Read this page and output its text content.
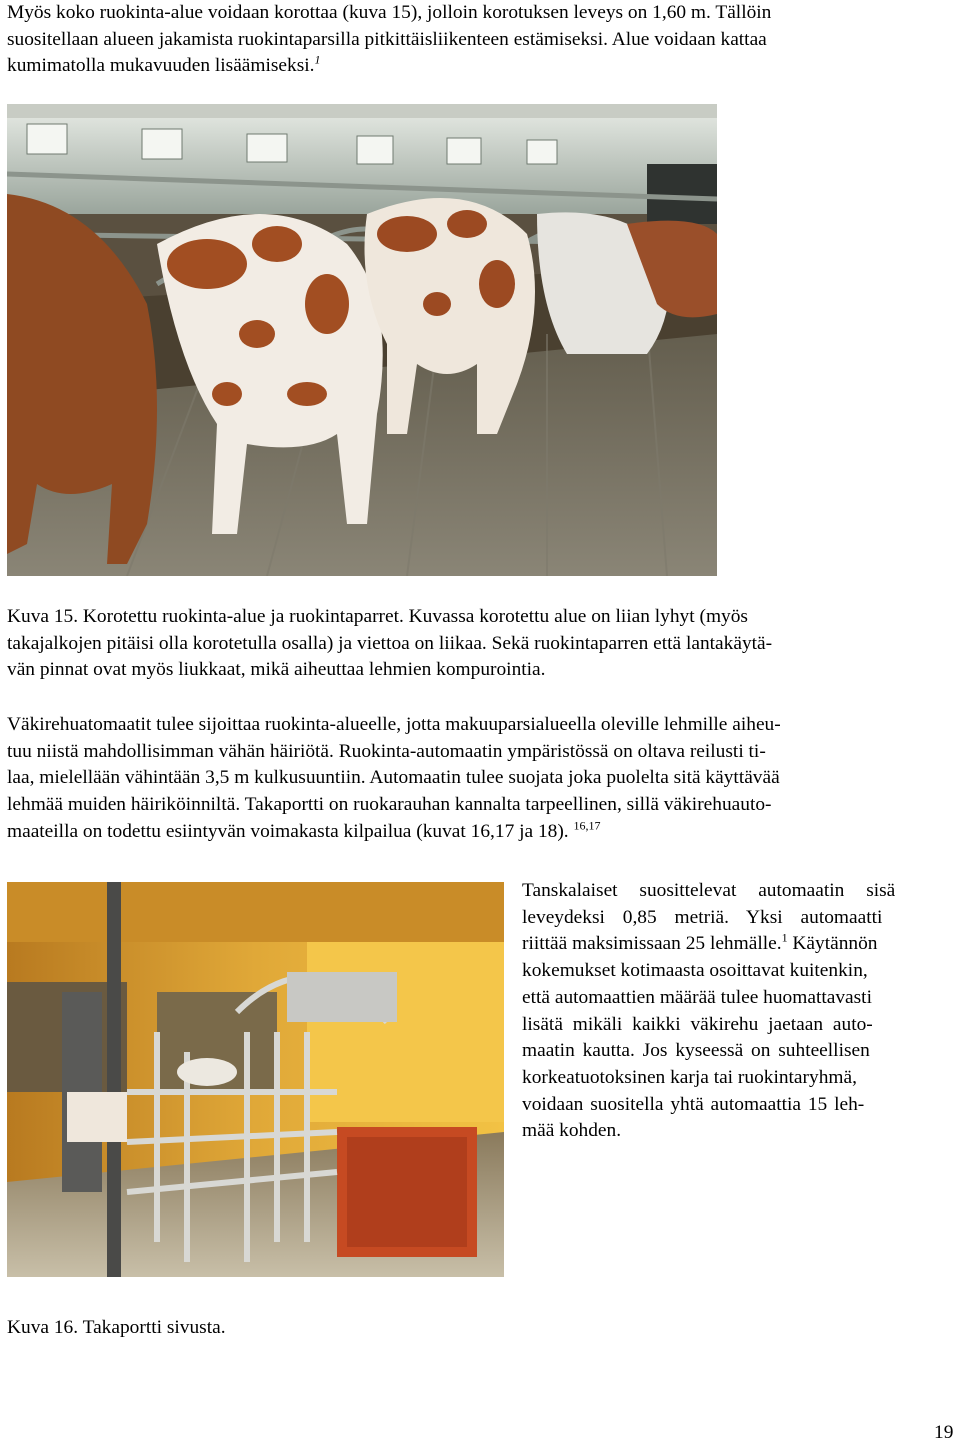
Myös koko ruokinta-alue voidaan korottaa (kuva 15), jolloin korotuksen leveys on 1,60 m. Tällöin
suositellaan alueen jakamista ruokintaparsilla pitkittäisliikenteen estämiseksi. Alue voidaan kattaa
kumimatolla mukavuuden lisäämiseksi.$^1$

Kuva 15. Korotettu ruokinta-alue ja ruokintaparret. Kuvassa korotettu alue on liian lyhyt (myös
takajalkojen pitäisi olla korotetulla osalla) ja viettoa on liikaa. Sekä ruokintaparren että lantakäytä-
vän pinnat ovat myös liukkaat, mikä aiheuttaa lehmien kompurointia.

Väkirehuatomaatit tulee sijoittaa ruokinta-alueelle, jotta makuuparsialueella oleville lehmille aiheu-
tuu niistä mahdollisimman vähän häiriötä. Ruokinta-automaatin ympäristössä on oltava reilusti ti-
laa, mielellään vähintään 3,5 m kulkusuuntiin. Automaatin tulee suojata joka puolelta sitä käyttävää
lehmää muiden häiriköinniltä. Takaportti on ruokarauhan kannalta tarpeellinen, sillä väkirehuauto-
maateilla on todettu esiintyvän voimakasta kilpailua (kuvat 16,17 ja 18). $^{16,17}$

Tanskalaiset suosittelevat automaatin sisä
leveydeksi 0,85 metriä. Yksi automaatti
riittää maksimissaan 25 lehmälle.$^1$ Käytännön
kokemukset kotimaasta osoittavat kuitenkin,
että automaattien määrää tulee huomattavasti
lisätä mikäli kaikki väkirehu jaetaan auto-
maatin kautta. Jos kyseessä on suhteellisen
korkeatuotoksinen karja tai ruokintaryhmä,
voidaan suositella yhtä automaattia 15 leh-
mää kohden.

Kuva 16. Takaportti sivusta.

19
